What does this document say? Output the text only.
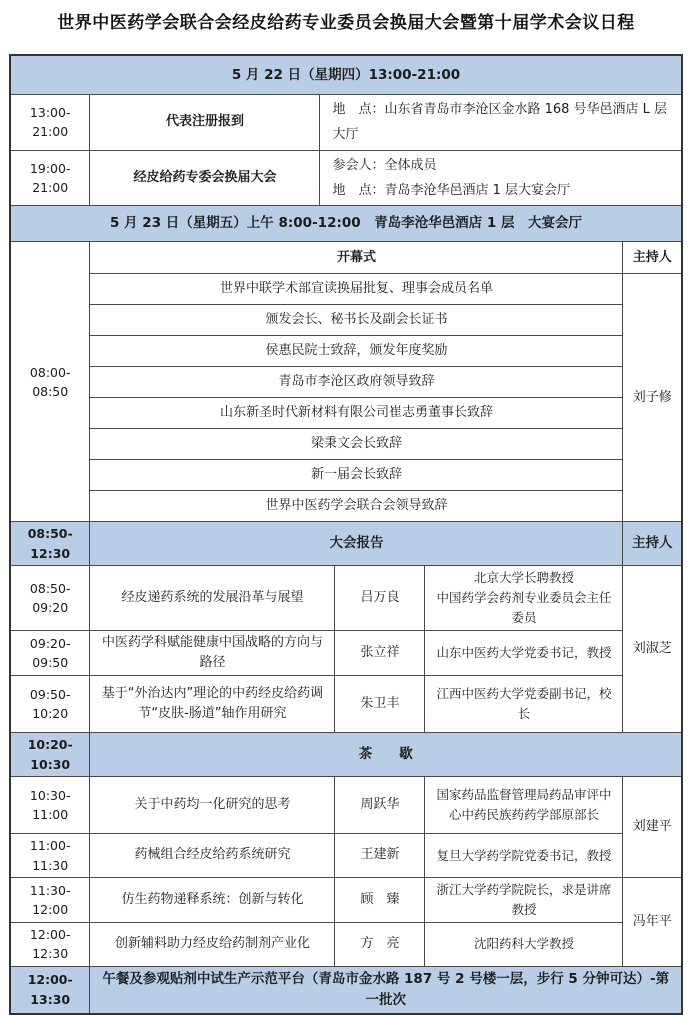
世界中医药学会联合会经皮给药专业委员会换届大会暨第十届学术会议日程
5 月 22 日（星期四）13:00-21:00					
13:00-21:00	代表注册报到	地　点：山东省青岛市李沧区金水路 168 号华邑酒店 L 层大厅			

19:00-21:00	经皮给药专委会换届大会	参会人：全体成员
地　点：青岛李沧华邑酒店 1 层大宴会厅			

5 月 23 日（星期五）上午 8:00-12:00　青岛李沧华邑酒店 1 层　大宴会厅					
08:00-08:50	开幕式				主持人
	世界中联学术部宣读换届批复、理事会成员名单				刘子修
	颁发会长、秘书长及副会长证书				
	侯惠民院士致辞，颁发年度奖励				
	青岛市李沧区政府领导致辞				
	山东新圣时代新材料有限公司崔志勇董事长致辞				
	梁秉文会长致辞				
	新一届会长致辞				
	世界中医药学会联合会领导致辞				
08:50-12:30	大会报告				主持人
08:50-09:20	经皮递药系统的发展沿革与展望		吕万良	北京大学长聘教授
中国药学会药剂专业委员会主任委员	刘淑芝
09:20-09:50	中医药学科赋能健康中国战略的方向与路径		张立祥	山东中医药大学党委书记，教授	
09:50-10:20	基于“外治达内”理论的中药经皮给药调节“皮肤-肠道”轴作用研究		朱卫丰	江西中医药大学党委副书记，校长	
10:20-10:30	茶　　歇				
10:30-11:00	关于中药均一化研究的思考		周跃华	国家药品监督管理局药品审评中心中药民族药药学部原部长	刘建平
11:00-11:30	药械组合经皮给药系统研究		王建新	复旦大学药学院党委书记，教授	
11:30-12:00	仿生药物递释系统：创新与转化		顾　臻	浙江大学药学院院长，求是讲席教授	冯年平
12:00-12:30	创新辅料助力经皮给药制剂产业化		方　亮	沈阳药科大学教授	
12:00-13:30	午餐及参观贴剂中试生产示范平台（青岛市金水路 187 号 2 号楼一层，步行 5 分钟可达）-第一批次				
